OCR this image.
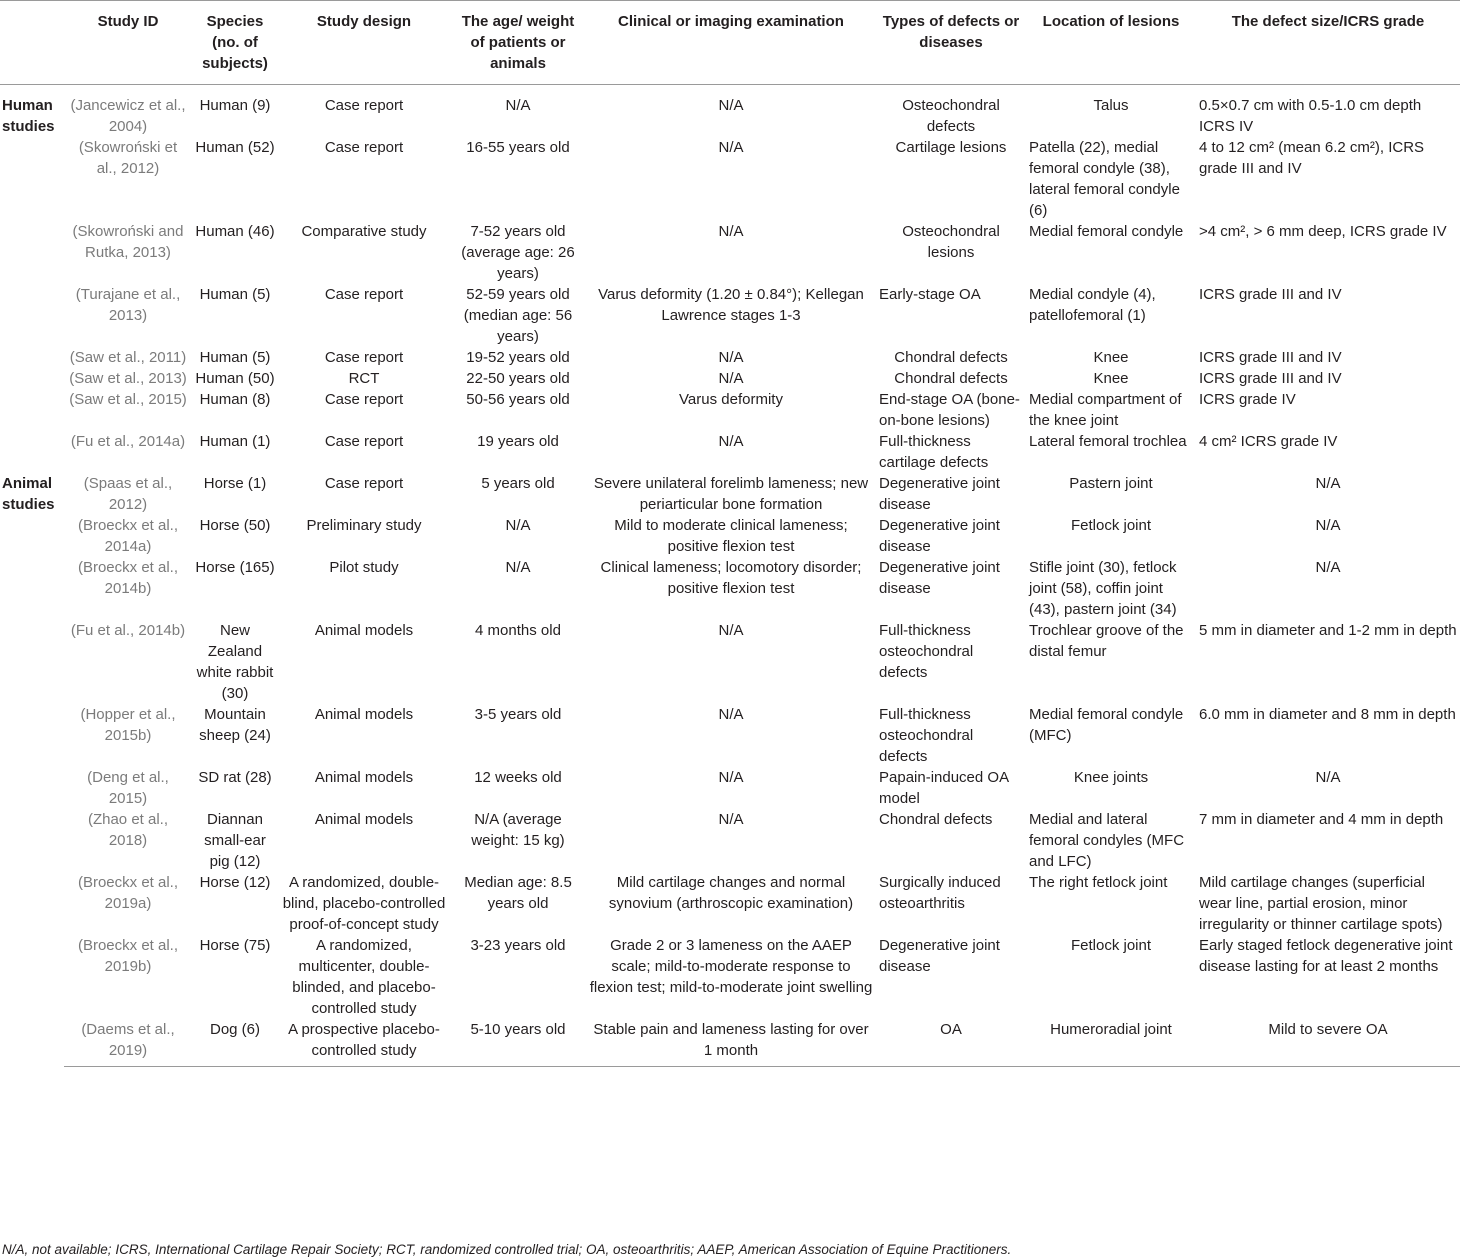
	Study ID	Species (no. of subjects)	Study design	The age/ weight of patients or animals	Clinical or imaging examination	Types of defects or diseases	Location of lesions	The defect size/ICRS grade
Human studies	(Jancewicz et al., 2004)	Human (9)	Case report	N/A	N/A	Osteochondral defects	Talus	0.5×0.7 cm with 0.5-1.0 cm depth ICRS IV
	(Skowroński et al., 2012)	Human (52)	Case report	16-55 years old	N/A	Cartilage lesions	Patella (22), medial femoral condyle (38), lateral femoral condyle (6)	4 to 12 cm² (mean 6.2 cm²), ICRS grade III and IV
	(Skowroński and Rutka, 2013)	Human (46)	Comparative study	7-52 years old (average age: 26 years)	N/A	Osteochondral lesions	Medial femoral condyle	>4 cm², > 6 mm deep, ICRS grade IV
	(Turajane et al., 2013)	Human (5)	Case report	52-59 years old (median age: 56 years)	Varus deformity (1.20 ± 0.84°); Kellegan Lawrence stages 1-3	Early-stage OA	Medial condyle (4), patellofemoral (1)	ICRS grade III and IV
	(Saw et al., 2011)	Human (5)	Case report	19-52 years old	N/A	Chondral defects	Knee	ICRS grade III and IV
	(Saw et al., 2013)	Human (50)	RCT	22-50 years old	N/A	Chondral defects	Knee	ICRS grade III and IV
	(Saw et al., 2015)	Human (8)	Case report	50-56 years old	Varus deformity	End-stage OA (bone-on-bone lesions)	Medial compartment of the knee joint	ICRS grade IV
	(Fu et al., 2014a)	Human (1)	Case report	19 years old	N/A	Full-thickness cartilage defects	Lateral femoral trochlea	4 cm² ICRS grade IV
Animal studies	(Spaas et al., 2012)	Horse (1)	Case report	5 years old	Severe unilateral forelimb lameness; new periarticular bone formation	Degenerative joint disease	Pastern joint	N/A
	(Broeckx et al., 2014a)	Horse (50)	Preliminary study	N/A	Mild to moderate clinical lameness; positive flexion test	Degenerative joint disease	Fetlock joint	N/A
	(Broeckx et al., 2014b)	Horse (165)	Pilot study	N/A	Clinical lameness; locomotory disorder; positive flexion test	Degenerative joint disease	Stifle joint (30), fetlock joint (58), coffin joint (43), pastern joint (34)	N/A
	(Fu et al., 2014b)	New Zealand white rabbit (30)	Animal models	4 months old	N/A	Full-thickness osteochondral defects	Trochlear groove of the distal femur	5 mm in diameter and 1-2 mm in depth
	(Hopper et al., 2015b)	Mountain sheep (24)	Animal models	3-5 years old	N/A	Full-thickness osteochondral defects	Medial femoral condyle (MFC)	6.0 mm in diameter and 8 mm in depth
	(Deng et al., 2015)	SD rat (28)	Animal models	12 weeks old	N/A	Papain-induced OA model	Knee joints	N/A
	(Zhao et al., 2018)	Diannan small-ear pig (12)	Animal models	N/A (average weight: 15 kg)	N/A	Chondral defects	Medial and lateral femoral condyles (MFC and LFC)	7 mm in diameter and 4 mm in depth
	(Broeckx et al., 2019a)	Horse (12)	A randomized, double-blind, placebo-controlled proof-of-concept study	Median age: 8.5 years old	Mild cartilage changes and normal synovium (arthroscopic examination)	Surgically induced osteoarthritis	The right fetlock joint	Mild cartilage changes (superficial wear line, partial erosion, minor irregularity or thinner cartilage spots)
	(Broeckx et al., 2019b)	Horse (75)	A randomized, multicenter, double-blinded, and placebo-controlled study	3-23 years old	Grade 2 or 3 lameness on the AAEP scale; mild-to-moderate response to flexion test; mild-to-moderate joint swelling	Degenerative joint disease	Fetlock joint	Early staged fetlock degenerative joint disease lasting for at least 2 months
	(Daems et al., 2019)	Dog (6)	A prospective placebo-controlled study	5-10 years old	Stable pain and lameness lasting for over 1 month	OA	Humeroradial joint	Mild to severe OA
N/A, not available; ICRS, International Cartilage Repair Society; RCT, randomized controlled trial; OA, osteoarthritis; AAEP, American Association of Equine Practitioners.
